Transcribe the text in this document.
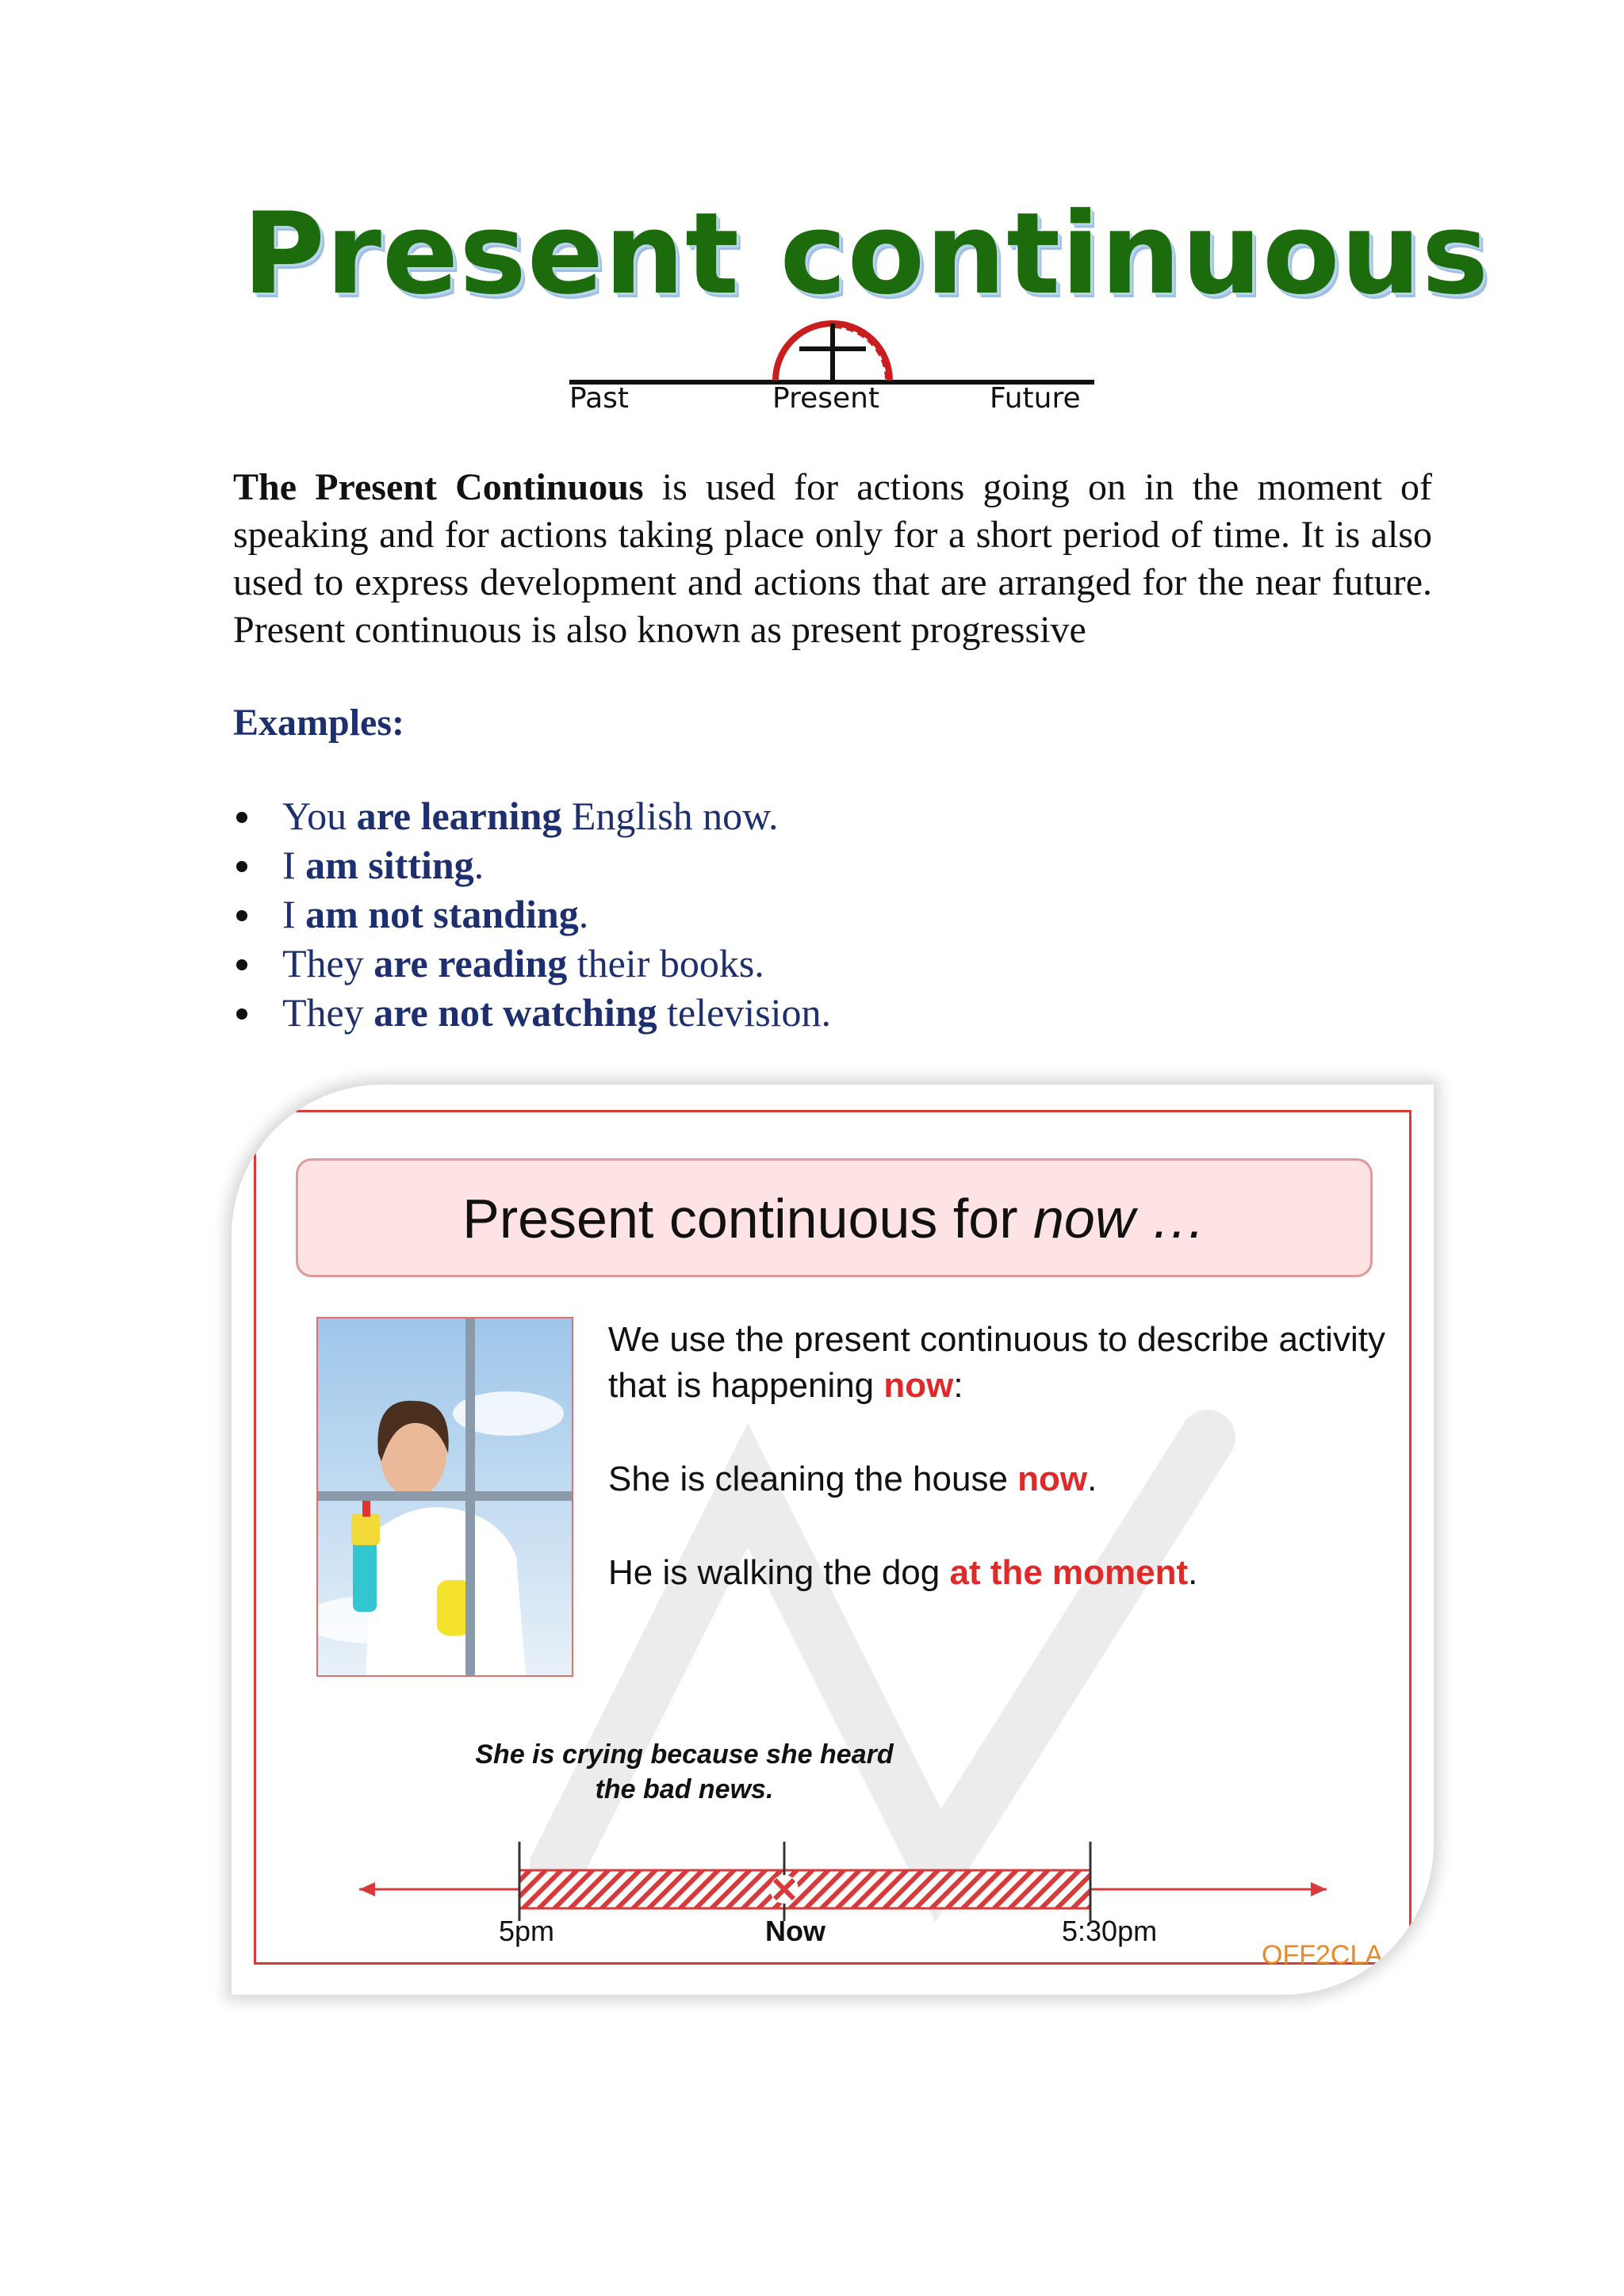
Present continuous
Past	Present	Future
The Present Continuous is used for actions going on in the moment of speaking and for actions taking place only for a short period of time. It is also used to express development and actions that are arranged for the near future. Present continuous is also known as present progressive
Examples:
You are learning English now.
I am sitting.
I am not standing.
They are reading their books.
They are not watching television.
Present continuous for now …

We use the present continuous to describe activity that is happening now:

She is cleaning the house now.

He is walking the dog at the moment.

She is crying because she heard the bad news.
5pm	Now	5:30pm
OFF2CLA
